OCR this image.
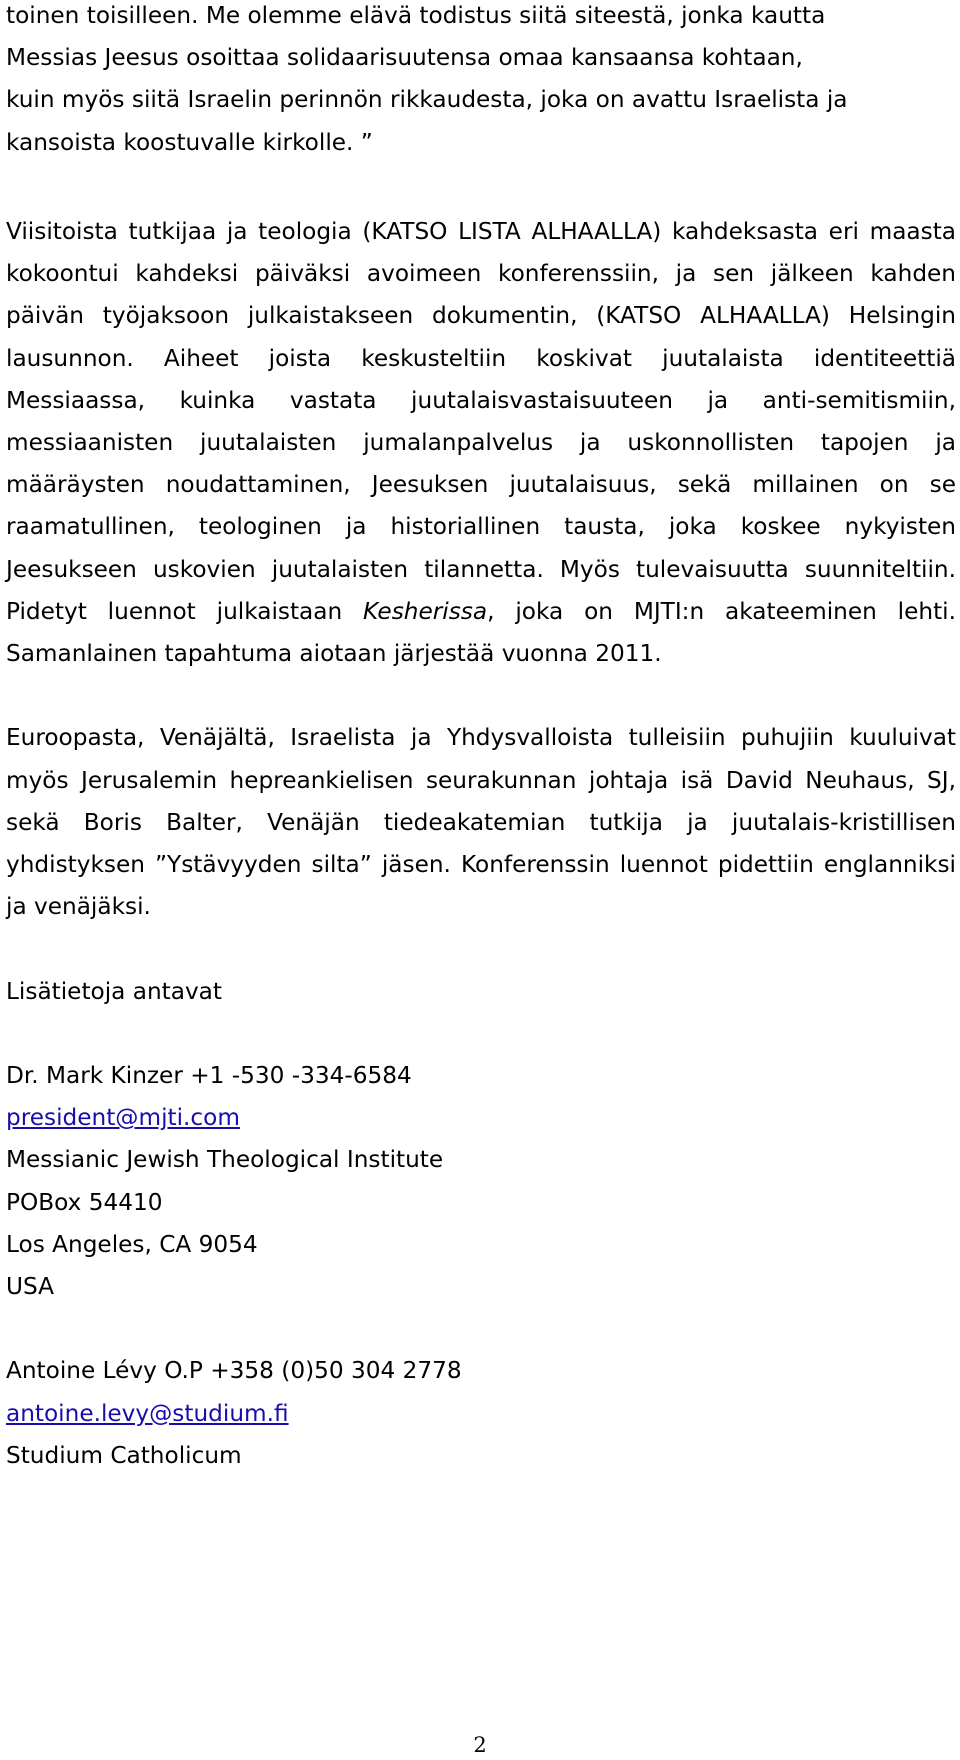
toinen toisilleen. Me olemme elävä todistus siitä siteestä, jonka kautta

Messias Jeesus osoittaa solidaarisuutensa omaa kansaansa kohtaan,

kuin myös siitä Israelin perinnön rikkaudesta, joka on avattu Israelista ja

kansoista koostuvalle kirkolle. ”

Viisitoista tutkijaa ja teologia (KATSO LISTA ALHAALLA) kahdeksasta eri maasta kokoontui kahdeksi päiväksi avoimeen konferenssiin, ja sen jälkeen kahden päivän työjaksoon julkaistakseen dokumentin, (KATSO ALHAALLA) Helsingin lausunnon. Aiheet joista keskusteltiin koskivat juutalaista identiteettiä Messiaassa, kuinka vastata juutalaisvastaisuuteen ja anti-semitismiin, messiaanisten juutalaisten jumalanpalvelus ja uskonnollisten tapojen ja määräysten noudattaminen, Jeesuksen juutalaisuus, sekä millainen on se raamatullinen, teologinen ja historiallinen tausta, joka koskee nykyisten Jeesukseen uskovien juutalaisten tilannetta. Myös tulevaisuutta suunniteltiin. Pidetyt luennot julkaistaan Kesherissa, joka on MJTI:n akateeminen lehti. Samanlainen tapahtuma aiotaan järjestää vuonna 2011.

Euroopasta, Venäjältä, Israelista ja Yhdysvalloista tulleisiin puhujiin kuuluivat myös Jerusalemin hepreankielisen seurakunnan johtaja isä David Neuhaus, SJ, sekä Boris Balter, Venäjän tiedeakatemian tutkija ja juutalais-kristillisen yhdistyksen ”Ystävyyden silta” jäsen. Konferenssin luennot pidettiin englanniksi ja venäjäksi.

Lisätietoja antavat

Dr. Mark Kinzer +1 -530 -334-6584

president@mjti.com

Messianic Jewish Theological Institute

POBox 54410

Los Angeles, CA 9054

USA

Antoine Lévy O.P +358 (0)50 304 2778

antoine.levy@studium.fi

Studium Catholicum

2
